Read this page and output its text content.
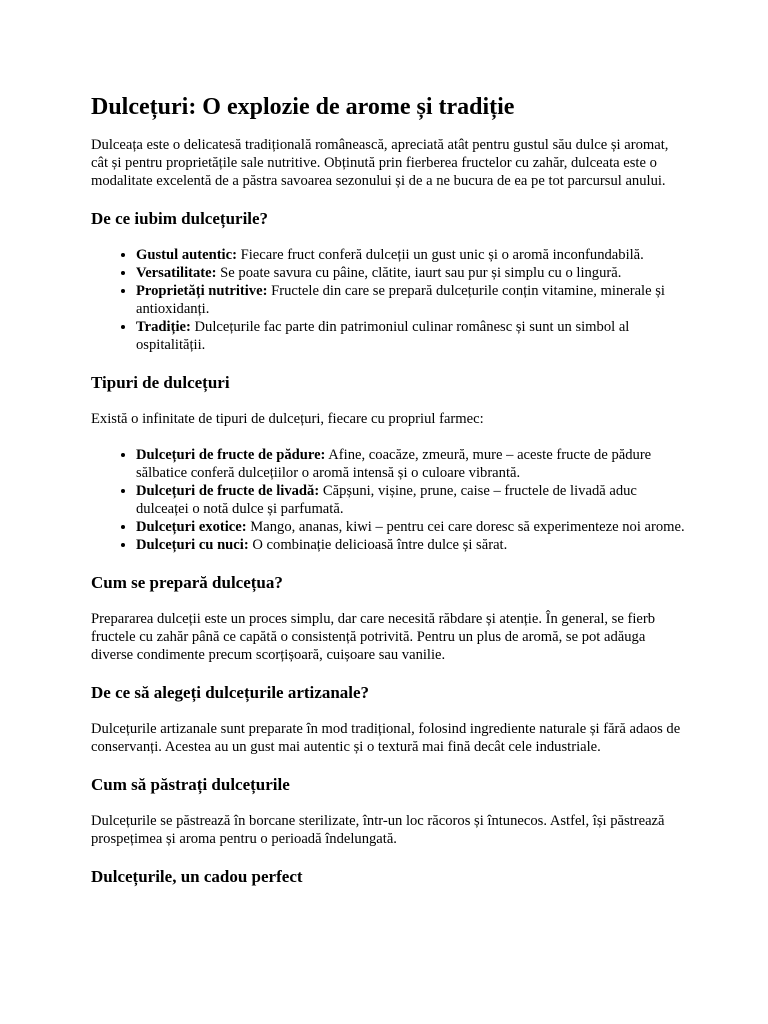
Dulcețuri: O explozie de arome și tradiție

Dulceața este o delicatesă tradițională românească, apreciată atât pentru gustul său dulce și aromat, cât și pentru proprietățile sale nutritive. Obținută prin fierberea fructelor cu zahăr, dulceata este o modalitate excelentă de a păstra savoarea sezonului și de a ne bucura de ea pe tot parcursul anului.

De ce iubim dulcețurile?
• Gustul autentic: Fiecare fruct conferă dulceții un gust unic și o aromă inconfundabilă.
• Versatilitate: Se poate savura cu pâine, clătite, iaurt sau pur și simplu cu o lingură.
• Proprietăți nutritive: Fructele din care se prepară dulcețurile conțin vitamine, minerale și antioxidanți.
• Tradiție: Dulcețurile fac parte din patrimoniul culinar românesc și sunt un simbol al ospitalității.
Tipuri de dulcețuri

Există o infinitate de tipuri de dulcețuri, fiecare cu propriul farmec:

• Dulcețuri de fructe de pădure: Afine, coacăze, zmeură, mure – aceste fructe de pădure sălbatice conferă dulcețiilor o aromă intensă și o culoare vibrantă.
• Dulcețuri de fructe de livadă: Căpșuni, vișine, prune, caise – fructele de livadă aduc dulceaței o notă dulce și parfumată.
• Dulcețuri exotice: Mango, ananas, kiwi – pentru cei care doresc să experimenteze noi arome.
• Dulcețuri cu nuci: O combinație delicioasă între dulce și sărat.
Cum se prepară dulcețua?

Prepararea dulceții este un proces simplu, dar care necesită răbdare și atenție. În general, se fierb fructele cu zahăr până ce capătă o consistență potrivită. Pentru un plus de aromă, se pot adăuga diverse condimente precum scorțișoară, cuișoare sau vanilie.

De ce să alegeți dulcețurile artizanale?

Dulcețurile artizanale sunt preparate în mod tradițional, folosind ingrediente naturale și fără adaos de conservanți. Acestea au un gust mai autentic și o textură mai fină decât cele industriale.

Cum să păstrați dulcețurile

Dulcețurile se păstrează în borcane sterilizate, într-un loc răcoros și întunecos. Astfel, își păstrează prospețimea și aroma pentru o perioadă îndelungată.

Dulcețurile, un cadou perfect
